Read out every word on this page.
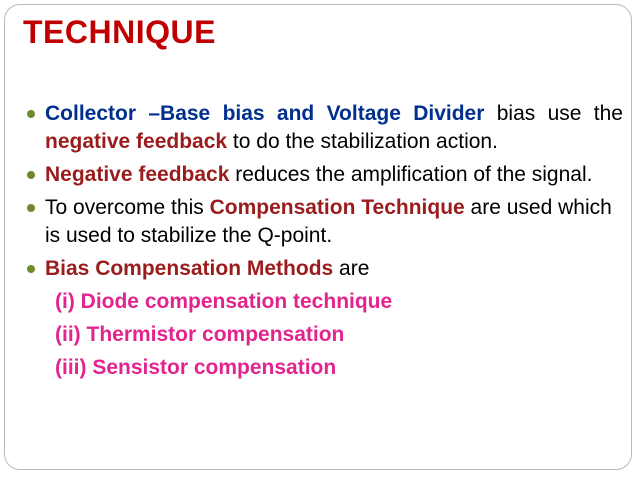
TECHNIQUE
Collector –Base bias and Voltage Divider bias use the negative feedback to do the stabilization action.
Negative feedback reduces the amplification of the signal.
To overcome this Compensation Technique are used which is used to stabilize the Q-point.
Bias Compensation Methods are
(i) Diode compensation technique
(ii) Thermistor compensation
(iii) Sensistor compensation
